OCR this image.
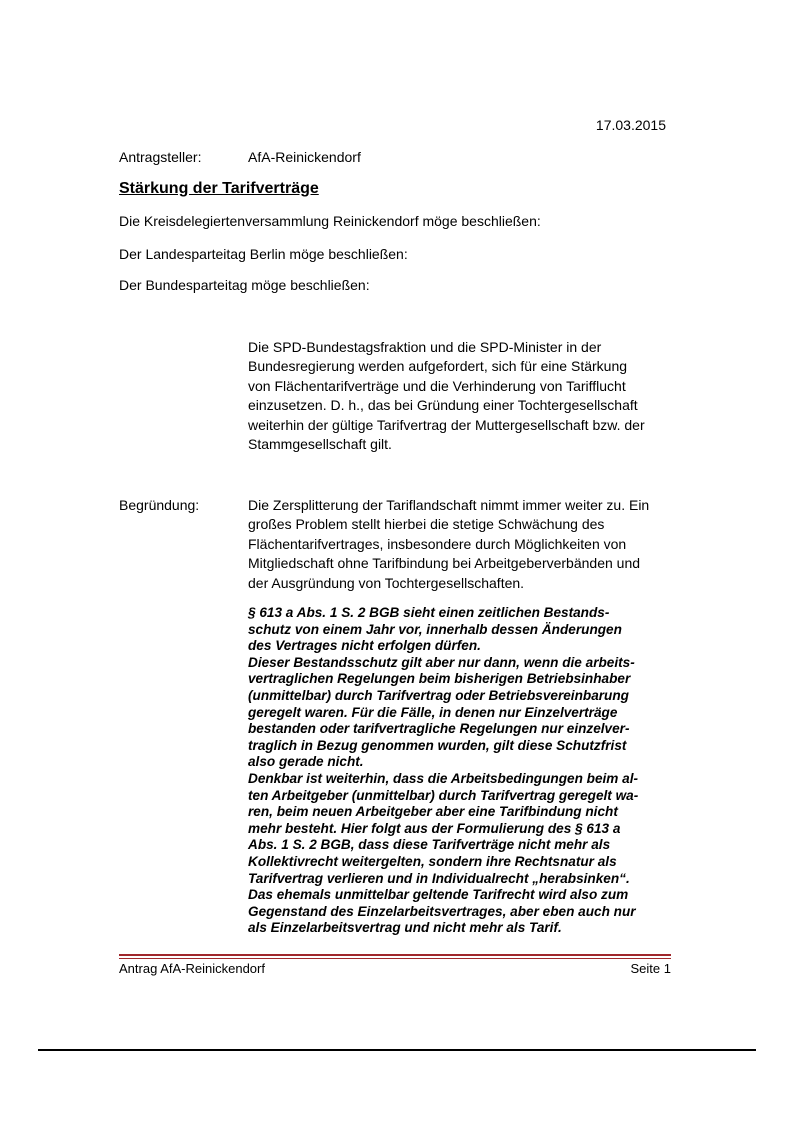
17.03.2015
Antragsteller:	AfA-Reinickendorf
Stärkung der Tarifverträge
Die Kreisdelegiertenversammlung Reinickendorf möge beschließen:
Der Landesparteitag Berlin möge beschließen:
Der Bundesparteitag möge beschließen:
Die SPD-Bundestagsfraktion und die SPD-Minister in der
Bundesregierung werden aufgefordert, sich für eine Stärkung
von Flächentarifverträge und die Verhinderung von Tarifflucht
einzusetzen. D. h., das bei Gründung einer Tochtergesellschaft
weiterhin der gültige Tarifvertrag der Muttergesellschaft bzw. der
Stammgesellschaft gilt.
Begründung:	Die Zersplitterung der Tariflandschaft nimmt immer weiter zu. Ein
großes Problem stellt hierbei die stetige Schwächung des
Flächentarifvertrages, insbesondere durch Möglichkeiten von
Mitgliedschaft ohne Tarifbindung bei Arbeitgeberverbänden und
der Ausgründung von Tochtergesellschaften.
§ 613 a Abs. 1 S. 2 BGB sieht einen zeitlichen Bestands-
schutz von einem Jahr vor, innerhalb dessen Änderungen
des Vertrages nicht erfolgen dürfen.
Dieser Bestandsschutz gilt aber nur dann, wenn die arbeits-
vertraglichen Regelungen beim bisherigen Betriebsinhaber
(unmittelbar) durch Tarifvertrag oder Betriebsvereinbarung
geregelt waren. Für die Fälle, in denen nur Einzelverträge
bestanden oder tarifvertragliche Regelungen nur einzelver-
traglich in Bezug genommen wurden, gilt diese Schutzfrist
also gerade nicht.
Denkbar ist weiterhin, dass die Arbeitsbedingungen beim al-
ten Arbeitgeber (unmittelbar) durch Tarifvertrag geregelt wa-
ren, beim neuen Arbeitgeber aber eine Tarifbindung nicht
mehr besteht. Hier folgt aus der Formulierung des § 613 a
Abs. 1 S. 2 BGB, dass diese Tarifverträge nicht mehr als
Kollektivrecht weitergelten, sondern ihre Rechtsnatur als
Tarifvertrag verlieren und in Individualrecht „herabsinken“.
Das ehemals unmittelbar geltende Tarifrecht wird also zum
Gegenstand des Einzelarbeitsvertrages, aber eben auch nur
als Einzelarbeitsvertrag und nicht mehr als Tarif.
Antrag AfA-Reinickendorf	Seite 1
